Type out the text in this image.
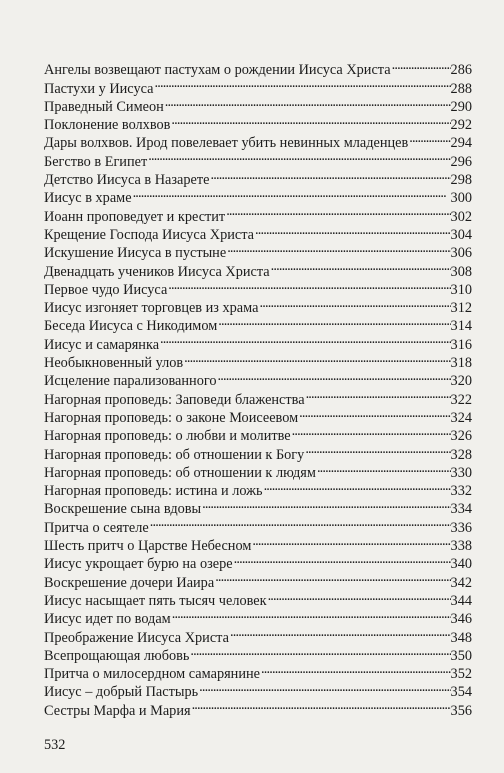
Ангелы возвещают пастухам о рождении Иисуса Христа . . .	286
Пастухи у Иисуса . . .	288
Праведный Симеон . . .	290
Поклонение волхвов . . .	292
Дары волхвов. Ирод повелевает убить невинных младенцев . . .	294
Бегство в Египет . . .	296
Детство Иисуса в Назарете . . .	298
Иисус в храме . . .	300
Иоанн проповедует и крестит . . .	302
Крещение Господа Иисуса Христа . . .	304
Искушение Иисуса в пустыне . . .	306
Двенадцать учеников Иисуса Христа . . .	308
Первое чудо Иисуса . . .	310
Иисус изгоняет торговцев из храма . . .	312
Беседа Иисуса с Никодимом . . .	314
Иисус и самарянка . . .	316
Необыкновенный улов . . .	318
Исцеление парализованного . . .	320
Нагорная проповедь: Заповеди блаженства . . .	322
Нагорная проповедь: о законе Моисеевом . . .	324
Нагорная проповедь: о любви и молитве . . .	326
Нагорная проповедь: об отношении к Богу . . .	328
Нагорная проповедь: об отношении к людям . . .	330
Нагорная проповедь: истина и ложь . . .	332
Воскрешение сына вдовы . . .	334
Притча о сеятеле . . .	336
Шесть притч о Царстве Небесном . . .	338
Иисус укрощает бурю на озере . . .	340
Воскрешение дочери Иаира . . .	342
Иисус насыщает пять тысяч человек . . .	344
Иисус идет по водам . . .	346
Преображение Иисуса Христа . . .	348
Всепрощающая любовь . . .	350
Притча о милосердном самарянине . . .	352
Иисус – добрый Пастырь . . .	354
Сестры Марфа и Мария . . .	356
532
